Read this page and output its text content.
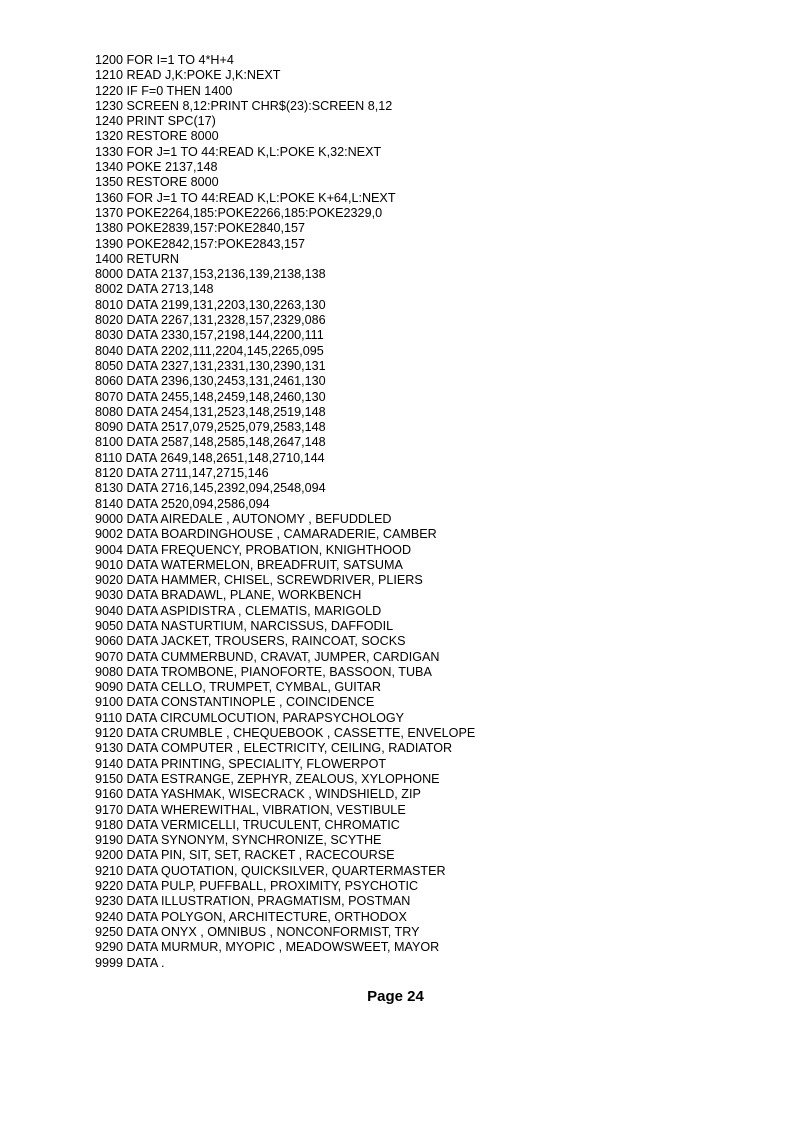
1200 FOR I=1 TO 4*H+4
1210 READ J,K:POKE J,K:NEXT
1220 IF F=0 THEN 1400
1230 SCREEN 8,12:PRINT CHR$(23):SCREEN 8,12
1240 PRINT SPC(17)
1320 RESTORE 8000
1330 FOR J=1 TO 44:READ K,L:POKE K,32:NEXT
1340 POKE 2137,148
1350 RESTORE 8000
1360 FOR J=1 TO 44:READ K,L:POKE K+64,L:NEXT
1370 POKE2264,185:POKE2266,185:POKE2329,0
1380 POKE2839,157:POKE2840,157
1390 POKE2842,157:POKE2843,157
1400 RETURN
8000 DATA 2137,153,2136,139,2138,138
8002 DATA 2713,148
8010 DATA 2199,131,2203,130,2263,130
8020 DATA 2267,131,2328,157,2329,086
8030 DATA 2330,157,2198,144,2200,111
8040 DATA 2202,111,2204,145,2265,095
8050 DATA 2327,131,2331,130,2390,131
8060 DATA 2396,130,2453,131,2461,130
8070 DATA 2455,148,2459,148,2460,130
8080 DATA 2454,131,2523,148,2519,148
8090 DATA 2517,079,2525,079,2583,148
8100 DATA 2587,148,2585,148,2647,148
8110 DATA 2649,148,2651,148,2710,144
8120 DATA 2711,147,2715,146
8130 DATA 2716,145,2392,094,2548,094
8140 DATA 2520,094,2586,094
9000 DATA AIREDALE , AUTONOMY , BEFUDDLED
9002 DATA BOARDINGHOUSE , CAMARADERIE, CAMBER
9004 DATA FREQUENCY, PROBATION, KNIGHTHOOD
9010 DATA WATERMELON, BREADFRUIT, SATSUMA
9020 DATA HAMMER, CHISEL, SCREWDRIVER, PLIERS
9030 DATA BRADAWL, PLANE, WORKBENCH
9040 DATA ASPIDISTRA , CLEMATIS, MARIGOLD
9050 DATA NASTURTIUM, NARCISSUS, DAFFODIL
9060 DATA JACKET, TROUSERS, RAINCOAT, SOCKS
9070 DATA CUMMERBUND, CRAVAT, JUMPER, CARDIGAN
9080 DATA TROMBONE, PIANOFORTE, BASSOON, TUBA
9090 DATA CELLO, TRUMPET, CYMBAL, GUITAR
9100 DATA CONSTANTINOPLE , COINCIDENCE
9110 DATA CIRCUMLOCUTION, PARAPSYCHOLOGY
9120 DATA CRUMBLE , CHEQUEBOOK , CASSETTE, ENVELOPE
9130 DATA COMPUTER , ELECTRICITY, CEILING, RADIATOR
9140 DATA PRINTING, SPECIALITY, FLOWERPOT
9150 DATA ESTRANGE, ZEPHYR, ZEALOUS, XYLOPHONE
9160 DATA YASHMAK, WISECRACK , WINDSHIELD, ZIP
9170 DATA WHEREWITHAL, VIBRATION, VESTIBULE
9180 DATA VERMICELLI, TRUCULENT, CHROMATIC
9190 DATA SYNONYM, SYNCHRONIZE, SCYTHE
9200 DATA PIN, SIT, SET, RACKET , RACECOURSE
9210 DATA QUOTATION, QUICKSILVER, QUARTERMASTER
9220 DATA PULP, PUFFBALL, PROXIMITY, PSYCHOTIC
9230 DATA ILLUSTRATION, PRAGMATISM, POSTMAN
9240 DATA POLYGON, ARCHITECTURE, ORTHODOX
9250 DATA ONYX , OMNIBUS , NONCONFORMIST, TRY
9290 DATA MURMUR, MYOPIC , MEADOWSWEET, MAYOR
9999 DATA .
Page 24
